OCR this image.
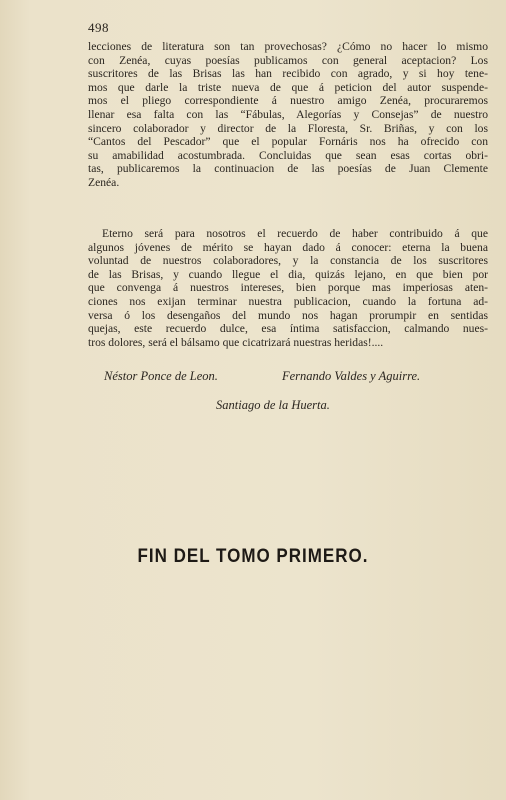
498
lecciones de literatura son tan provechosas? ¿Cómo no hacer lo mismo
con Zenéa, cuyas poesías publicamos con general aceptacion? Los
suscritores de las Brisas las han recibido con agrado, y si hoy tene-
mos que darle la triste nueva de que á peticion del autor suspende-
mos el pliego correspondiente á nuestro amigo Zenéa, procuraremos
llenar esa falta con las “Fábulas, Alegorías y Consejas” de nuestro
sincero colaborador y director de la Floresta, Sr. Briñas, y con los
“Cantos del Pescador” que el popular Fornáris nos ha ofrecido con
su amabilidad acostumbrada. Concluidas que sean esas cortas obri-
tas, publicaremos la continuacion de las poesías de Juan Clemente
Zenéa.
Eterno será para nosotros el recuerdo de haber contribuido á que
algunos jóvenes de mérito se hayan dado á conocer: eterna la buena
voluntad de nuestros colaboradores, y la constancia de los suscritores
de las Brisas, y cuando llegue el dia, quizás lejano, en que bien por
que convenga á nuestros intereses, bien porque mas imperiosas aten-
ciones nos exijan terminar nuestra publicacion, cuando la fortuna ad-
versa ó los desengaños del mundo nos hagan prorumpir en sentidas
quejas, este recuerdo dulce, esa íntima satisfaccion, calmando nues-
tros dolores, será el bálsamo que cicatrizará nuestras heridas!....
Néstor Ponce de Leon.	Fernando Valdes y Aguirre.
Santiago de la Huerta.
FIN DEL TOMO PRIMERO.
